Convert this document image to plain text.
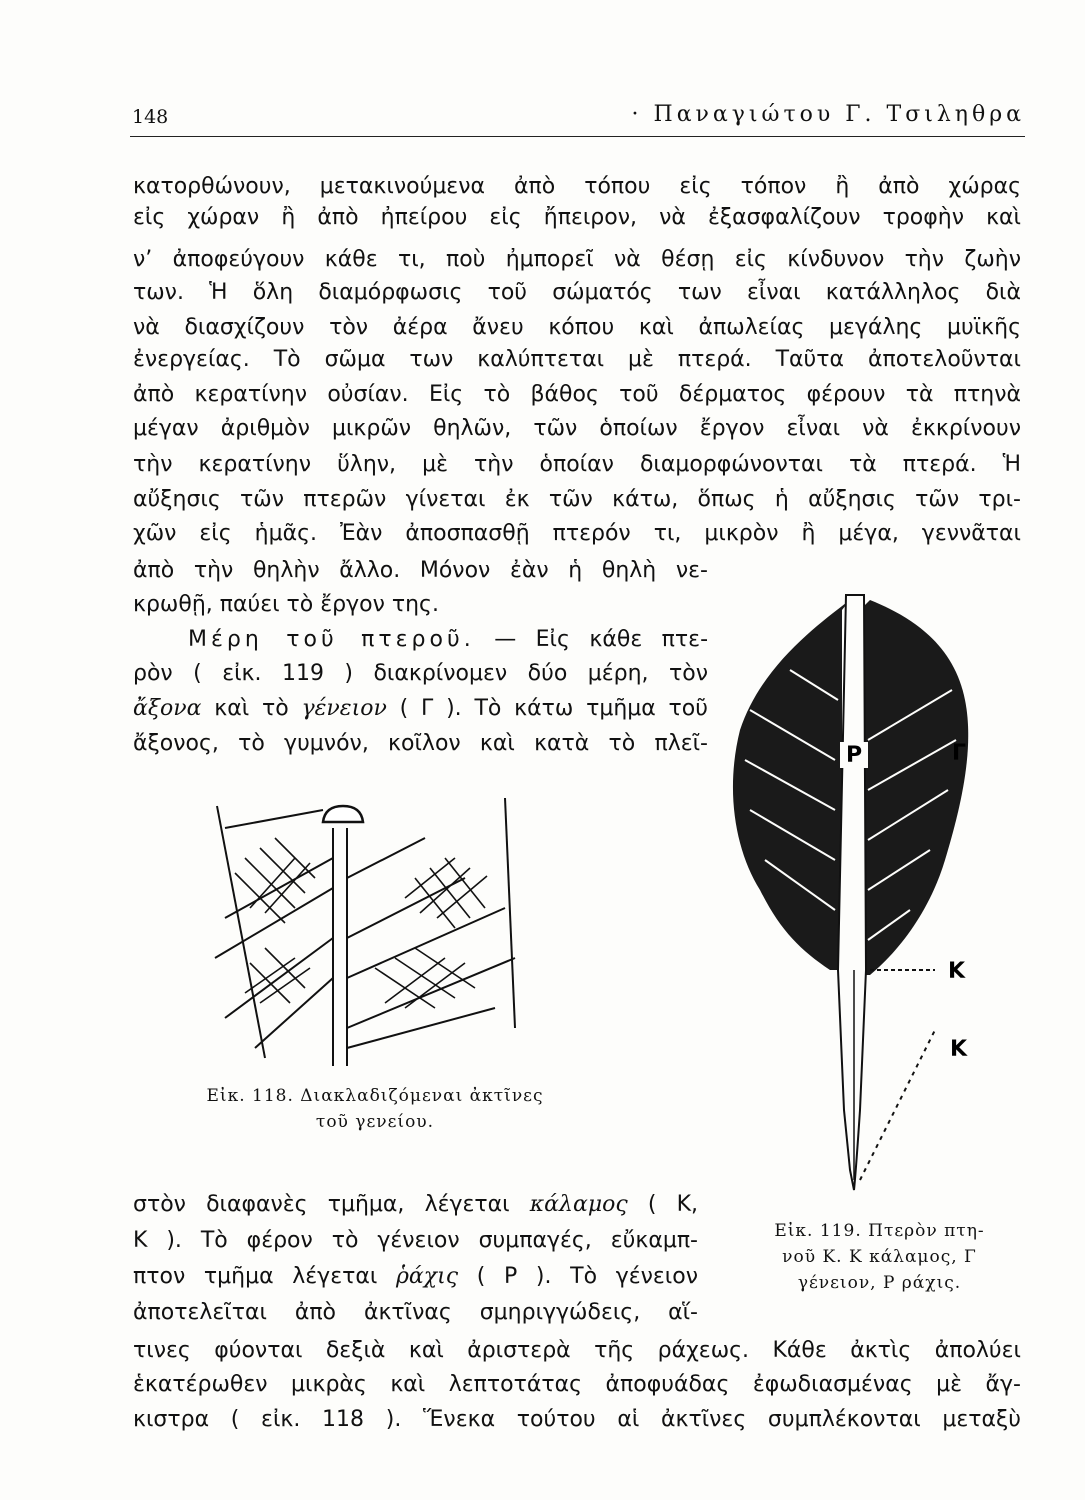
148	· Παναγιώτου Γ. Τσιληθρα
κατορθώνουν, μετακινούμενα ἀπὸ τόπου εἰς τόπον ἢ ἀπὸ χώρας
εἰς χώραν ἢ ἀπὸ ἠπείρου εἰς ἤπειρον, νὰ ἐξασφαλίζουν τροφὴν καὶ
ν’ ἀποφεύγουν κάθε τι, ποὺ ἠμπορεῖ νὰ θέσῃ εἰς κίνδυνον τὴν ζωὴν
των. Ἡ ὅλη διαμόρφωσις τοῦ σώματός των εἶναι κατάλληλος διὰ
νὰ διασχίζουν τὸν ἀέρα ἄνευ κόπου καὶ ἀπωλείας μεγάλης μυϊκῆς
ἐνεργείας. Τὸ σῶμα των καλύπτεται μὲ πτερά. Ταῦτα ἀποτελοῦνται
ἀπὸ κερατίνην οὐσίαν. Εἰς τὸ βάθος τοῦ δέρματος φέρουν τὰ πτηνὰ
μέγαν ἀριθμὸν μικρῶν θηλῶν, τῶν ὁποίων ἔργον εἶναι νὰ ἐκκρίνουν
τὴν κερατίνην ὕλην, μὲ τὴν ὁποίαν διαμορφώνονται τὰ πτερά. Ἡ
αὔξησις τῶν πτερῶν γίνεται ἐκ τῶν κάτω, ὅπως ἡ αὔξησις τῶν τρι-
χῶν εἰς ἡμᾶς. Ἐὰν ἀποσπασθῇ πτερόν τι, μικρὸν ἢ μέγα, γεννᾶται
ἀπὸ τὴν θηλὴν ἄλλο. Μόνον ἐὰν ἡ θηλὴ νε-
κρωθῇ, παύει τὸ ἔργον της.
Μέρη τοῦ πτεροῦ. — Εἰς κάθε πτε-
ρὸν ( εἰκ. 119 ) διακρίνομεν δύο μέρη, τὸν
ἄξονα καὶ τὸ γένειον ( Γ ). Τὸ κάτω τμῆμα τοῦ
ἄξονος, τὸ γυμνόν, κοῖλον καὶ κατὰ τὸ πλεῖ-
Εἰκ. 118. Διακλαδιζόμεναι ἀκτῖνες
τοῦ γενείου.
Ρ	Γ
Κ
Κ
Εἰκ. 119. Πτερὸν πτη-
νοῦ Κ. Κ κάλαμος, Γ
γένειον, Ρ ράχις.
στὸν διαφανὲς τμῆμα, λέγεται κάλαμος ( Κ,
Κ ). Τὸ φέρον τὸ γένειον συμπαγές, εὔκαμπ-
πτον τμῆμα λέγεται ῥάχις ( Ρ ). Τὸ γένειον
ἀποτελεῖται ἀπὸ ἀκτῖνας σμηριγγώδεις, αἵ-
τινες φύονται δεξιὰ καὶ ἀριστερὰ τῆς ράχεως. Κάθε ἀκτὶς ἀπολύει
ἑκατέρωθεν μικρὰς καὶ λεπτοτάτας ἀποφυάδας ἐφωδιασμένας μὲ ἄγ-
κιστρα ( εἰκ. 118 ). Ἕνεκα τούτου αἱ ἀκτῖνες συμπλέκονται μεταξὺ
